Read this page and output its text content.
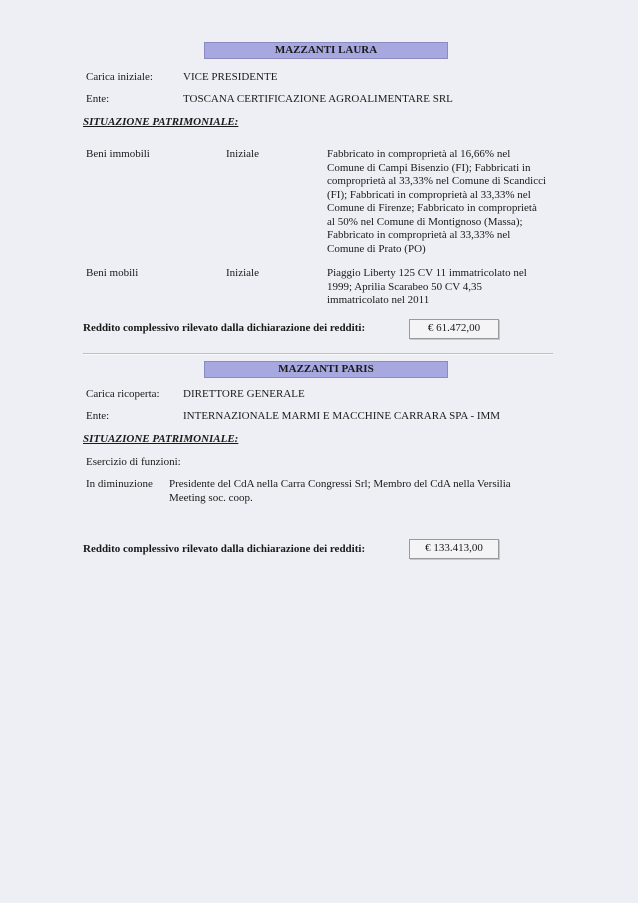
MAZZANTI LAURA
Carica iniziale:	VICE PRESIDENTE
Ente:	TOSCANA CERTIFICAZIONE AGROALIMENTARE SRL
SITUAZIONE PATRIMONIALE:
Beni immobili	Iniziale	Fabbricato in comproprietà al 16,66% nel
Comune di Campi Bisenzio (FI); Fabbricati in
comproprietà al 33,33% nel Comune di Scandicci
(FI); Fabbricati in comproprietà al 33,33% nel
Comune di Firenze; Fabbricato in comproprietà
al 50% nel Comune di Montignoso (Massa);
Fabbricato in comproprietà al 33,33% nel
Comune di Prato (PO)
Beni mobili	Iniziale	Piaggio Liberty 125 CV 11 immatricolato nel
1999; Aprilia Scarabeo 50 CV 4,35
immatricolato nel 2011
Reddito complessivo rilevato dalla dichiarazione dei redditi:	€ 61.472,00
MAZZANTI PARIS
Carica ricoperta: DIRETTORE GENERALE
Ente:	INTERNAZIONALE MARMI E MACCHINE CARRARA SPA - IMM
SITUAZIONE PATRIMONIALE:
Esercizio di funzioni:
In diminuzione Presidente del CdA nella Carra Congressi Srl; Membro del CdA nella Versilia
Meeting soc. coop.
Reddito complessivo rilevato dalla dichiarazione dei redditi:	€ 133.413,00
